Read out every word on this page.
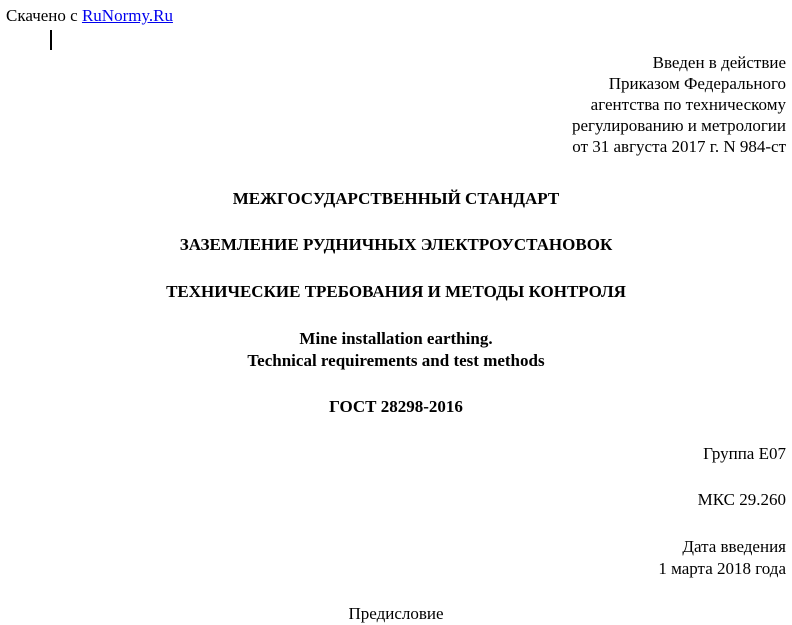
Скачено с RuNormy.Ru
Введен в действие
Приказом Федерального
агентства по техническому
регулированию и метрологии
от 31 августа 2017 г. N 984-ст
МЕЖГОСУДАРСТВЕННЫЙ СТАНДАРТ
ЗАЗЕМЛЕНИЕ РУДНИЧНЫХ ЭЛЕКТРОУСТАНОВОК
ТЕХНИЧЕСКИЕ ТРЕБОВАНИЯ И МЕТОДЫ КОНТРОЛЯ
Mine installation earthing.
Technical requirements and test methods
ГОСТ 28298-2016
Группа Е07
МКС 29.260
Дата введения
1 марта 2018 года
Предисловие
